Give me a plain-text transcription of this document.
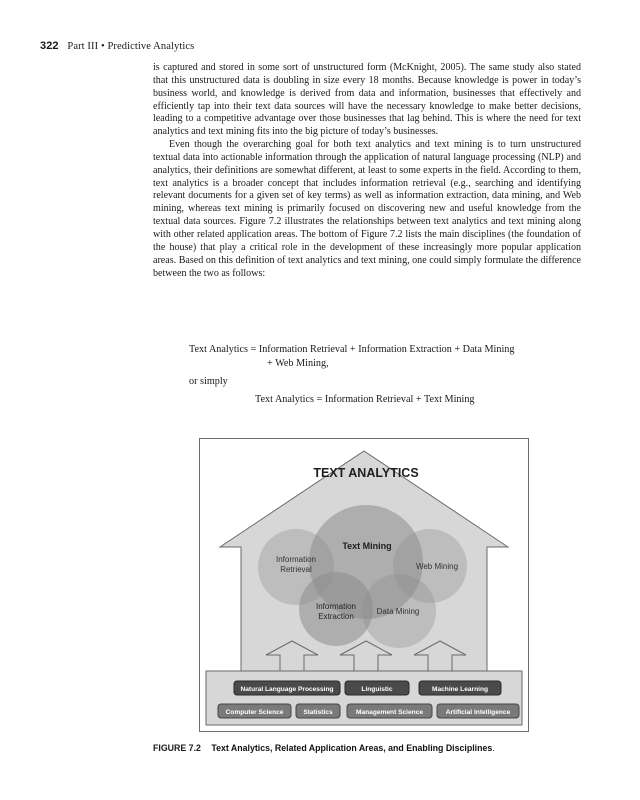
322 Part III • Predictive Analytics

is captured and stored in some sort of unstructured form (McKnight, 2005). The same study also stated that this unstructured data is doubling in size every 18 months. Because knowledge is power in today’s business world, and knowledge is derived from data and information, businesses that effectively and efficiently tap into their text data sources will have the necessary knowledge to make better decisions, leading to a competitive advantage over those businesses that lag behind. This is where the need for text analytics and text mining fits into the big picture of today’s businesses.

Even though the overarching goal for both text analytics and text mining is to turn unstructured textual data into actionable information through the application of natural language processing (NLP) and analytics, their definitions are somewhat different, at least to some experts in the field. According to them, text analytics is a broader concept that includes information retrieval (e.g., searching and identifying relevant documents for a given set of key terms) as well as information extraction, data mining, and Web mining, whereas text mining is primarily focused on discovering new and useful knowledge from the textual data sources. Figure 7.2 illustrates the relationships between text analytics and text mining along with other related application areas. The bottom of Figure 7.2 lists the main disciplines (the foundation of the house) that play a critical role in the development of these increasingly more popular application areas. Based on this definition of text analytics and text mining, one could simply formulate the difference between the two as follows:

Text Analytics = Information Retrieval + Information Extraction + Data Mining
+ Web Mining,
or simply
Text Analytics = Information Retrieval + Text Mining
TEXT ANALYTICS
Text Mining
Information
Retrieval	Web Mining
Information
Extraction
Data Mining
Natural Language Processing	Linguistic	Machine Learning
Computer Science	Statistics	Management Science	Artificial Intelligence
FIGURE 7.2 Text Analytics, Related Application Areas, and Enabling Disciplines.
